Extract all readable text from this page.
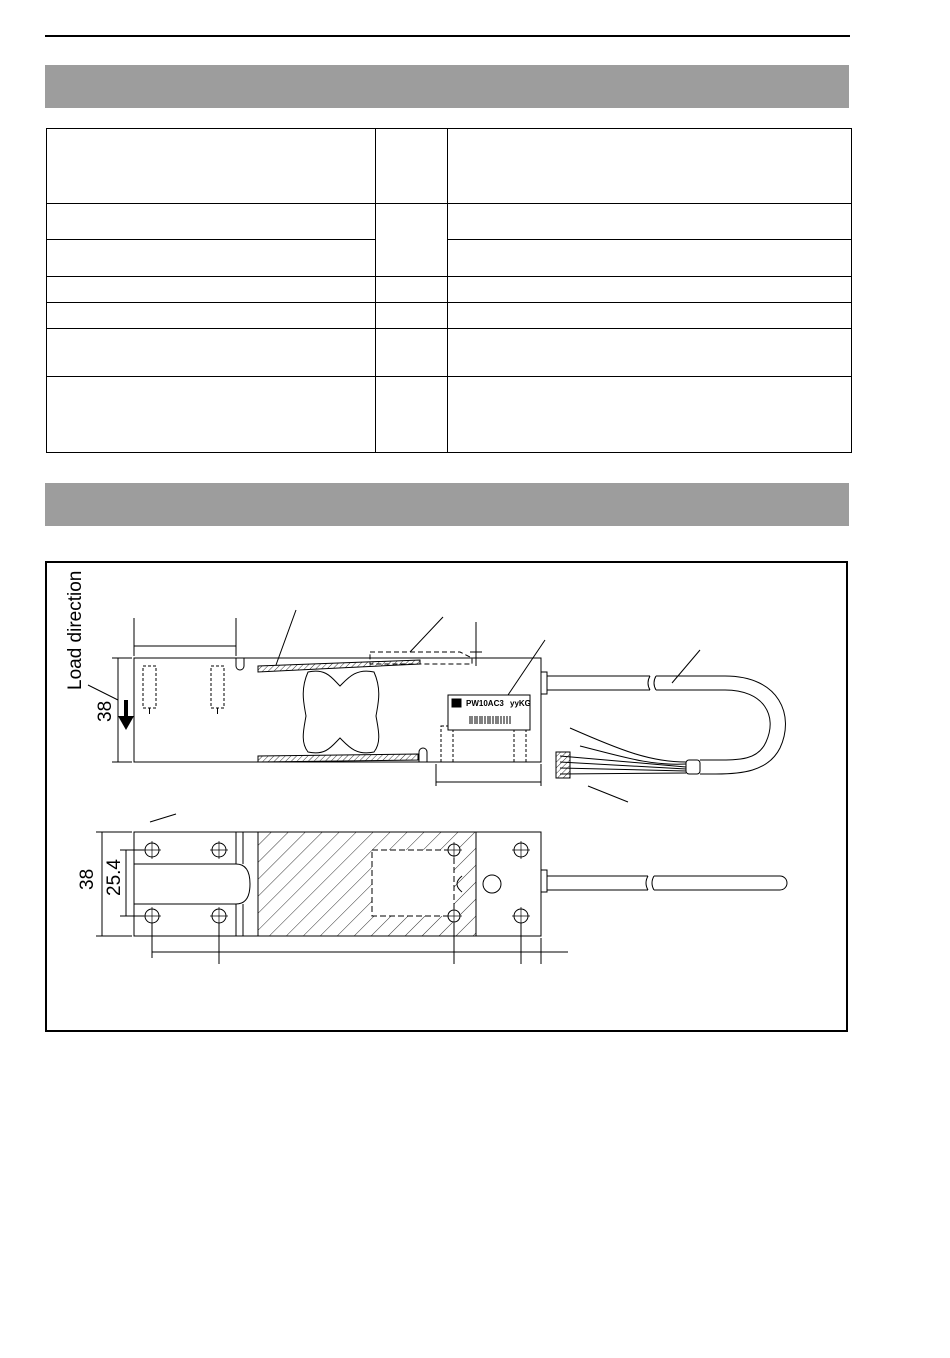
PW10AC3 yyKG
Load direction
38
38 25.4
